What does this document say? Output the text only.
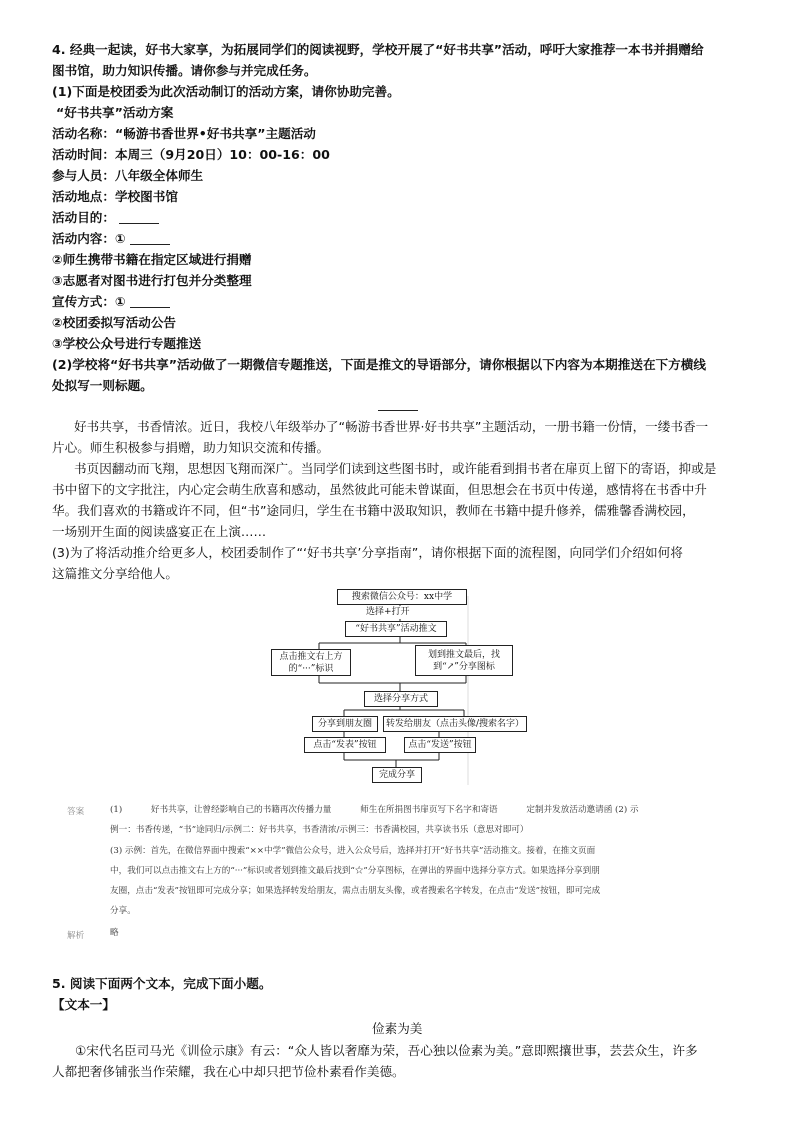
4. 经典一起读，好书大家享，为拓展同学们的阅读视野，学校开展了“好书共享”活动，呼吁大家推荐一本书并捐赠给
图书馆，助力知识传播。请你参与并完成任务。
(1)下面是校团委为此次活动制订的活动方案，请你协助完善。
“好书共享”活动方案
活动名称：“畅游书香世界•好书共享”主题活动
活动时间：本周三（9月20日）10：00-16：00
参与人员：八年级全体师生
活动地点：学校图书馆
活动目的：
活动内容：①
②师生携带书籍在指定区域进行捐赠
③志愿者对图书进行打包并分类整理
宣传方式：①
②校团委拟写活动公告
③学校公众号进行专题推送
(2)学校将“好书共享”活动做了一期微信专题推送，下面是推文的导语部分，请你根据以下内容为本期推送在下方横线
处拟写一则标题。
好书共享，书香情浓。近日，我校八年级举办了“畅游书香世界·好书共享”主题活动，一册书籍一份情，一缕书香一
片心。师生积极参与捐赠，助力知识交流和传播。
书页因翻动而飞翔，思想因飞翔而深广。当同学们读到这些图书时，或许能看到捐书者在扉页上留下的寄语，抑或是
书中留下的文字批注，内心定会萌生欣喜和感动，虽然彼此可能未曾谋面，但思想会在书页中传递，感情将在书香中升
华。我们喜欢的书籍或许不同，但“书”途同归，学生在书籍中汲取知识，教师在书籍中提升修养，儒雅馨香满校园，
一场别开生面的阅读盛宴正在上演……
(3)为了将活动推介给更多人，校团委制作了“‘好书共享’分享指南”，请你根据下面的流程图，向同学们介绍如何将
这篇推文分享给他人。
搜索微信公众号：xx中学
选择+打开
“好书共享”活动推文
点击推文右上方的“···”标识
划到推文最后，找到“↗”分享图标
选择分享方式
分享到朋友圈	转发给朋友（点击头像/搜索名字）
点击“发表”按钮	点击“发送”按钮
完成分享
答案	(1)	好书共享，让曾经影响自己的书籍再次传播力量	师生在所捐图书扉页写下名字和寄语	定制并发放活动邀请函 (2) 示
例一：书香传递，“书”途同归/示例二：好书共享，书香清浓/示例三：书香满校园，共享读书乐（意思对即可）
(3) 示例：首先，在微信界面中搜索“××中学”微信公众号，进入公众号后，选择并打开“好书共享”活动推文。接着，在推文页面
中，我们可以点击推文右上方的“···”标识或者划到推文最后找到“☆”分享图标，在弹出的界面中选择分享方式。如果选择分享到朋
友圈，点击“发表”按钮即可完成分享；如果选择转发给朋友，需点击朋友头像，或者搜索名字转发，在点击“发送”按钮，即可完成
分享。
解析	略
5. 阅读下面两个文本，完成下面小题。
【文本一】
俭素为美
①宋代名臣司马光《训俭示康》有云：“众人皆以奢靡为荣，吾心独以俭素为美。”意即熙攘世事，芸芸众生，许多
人都把奢侈铺张当作荣耀，我在心中却只把节俭朴素看作美德。
